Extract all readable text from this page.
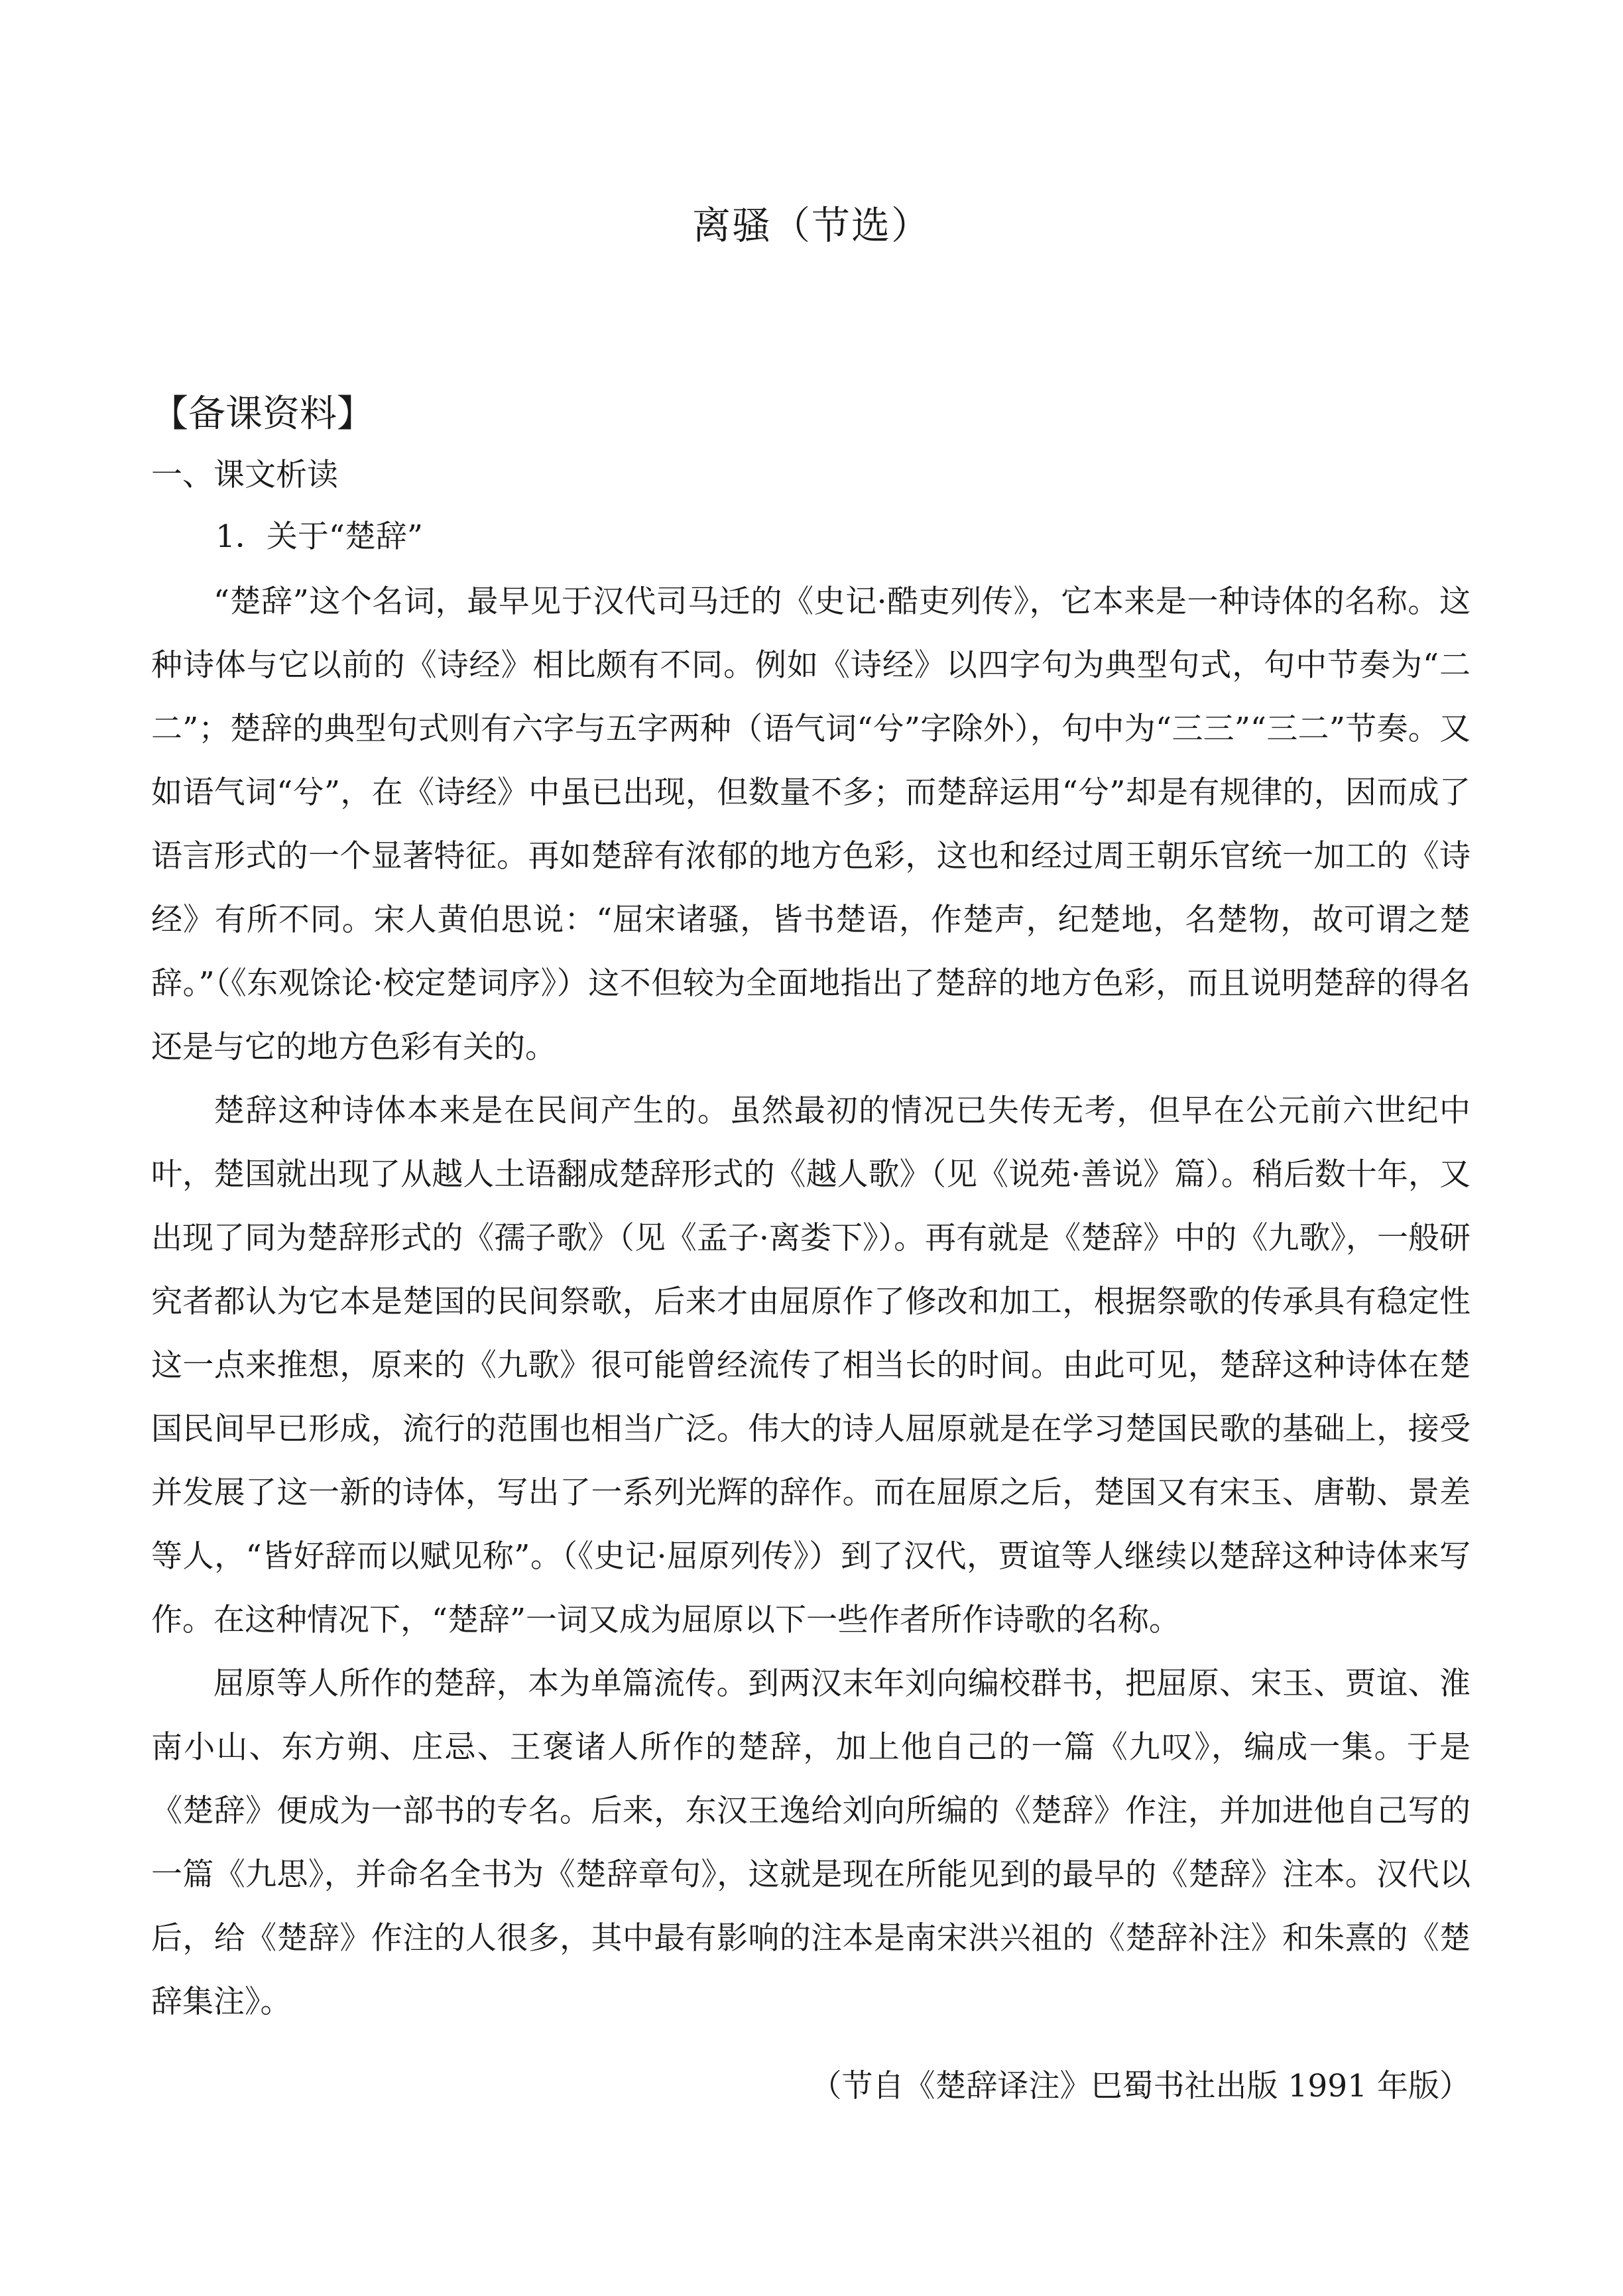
离骚（节选）
【备课资料】
一、课文析读
1．关于“楚辞”

“楚辞”这个名词，最早见于汉代司马迁的《史记·酷吏列传》，它本来是一种诗体的名称。这种诗体与它以前的《诗经》相比颇有不同。例如《诗经》以四字句为典型句式，句中节奏为“二二”；楚辞的典型句式则有六字与五字两种（语气词“兮”字除外），句中为“三三”“三二”节奏。又如语气词“兮”，在《诗经》中虽已出现，但数量不多；而楚辞运用“兮”却是有规律的，因而成了语言形式的一个显著特征。再如楚辞有浓郁的地方色彩，这也和经过周王朝乐官统一加工的《诗经》有所不同。宋人黄伯思说：“屈宋诸骚，皆书楚语，作楚声，纪楚地，名楚物，故可谓之楚辞。”（《东观馀论·校定楚词序》）这不但较为全面地指出了楚辞的地方色彩，而且说明楚辞的得名还是与它的地方色彩有关的。

楚辞这种诗体本来是在民间产生的。虽然最初的情况已失传无考，但早在公元前六世纪中叶，楚国就出现了从越人土语翻成楚辞形式的《越人歌》（见《说苑·善说》篇）。稍后数十年，又出现了同为楚辞形式的《孺子歌》（见《孟子·离娄下》）。再有就是《楚辞》中的《九歌》，一般研究者都认为它本是楚国的民间祭歌，后来才由屈原作了修改和加工，根据祭歌的传承具有稳定性这一点来推想，原来的《九歌》很可能曾经流传了相当长的时间。由此可见，楚辞这种诗体在楚国民间早已形成，流行的范围也相当广泛。伟大的诗人屈原就是在学习楚国民歌的基础上，接受并发展了这一新的诗体，写出了一系列光辉的辞作。而在屈原之后，楚国又有宋玉、唐勒、景差等人，“皆好辞而以赋见称”。（《史记·屈原列传》）到了汉代，贾谊等人继续以楚辞这种诗体来写作。在这种情况下，“楚辞”一词又成为屈原以下一些作者所作诗歌的名称。

屈原等人所作的楚辞，本为单篇流传。到两汉末年刘向编校群书，把屈原、宋玉、贾谊、淮南小山、东方朔、庄忌、王褒诸人所作的楚辞，加上他自己的一篇《九叹》，编成一集。于是《楚辞》便成为一部书的专名。后来，东汉王逸给刘向所编的《楚辞》作注，并加进他自己写的一篇《九思》，并命名全书为《楚辞章句》，这就是现在所能见到的最早的《楚辞》注本。汉代以后，给《楚辞》作注的人很多，其中最有影响的注本是南宋洪兴祖的《楚辞补注》和朱熹的《楚辞集注》。

（节自《楚辞译注》巴蜀书社出版 1991 年版）
